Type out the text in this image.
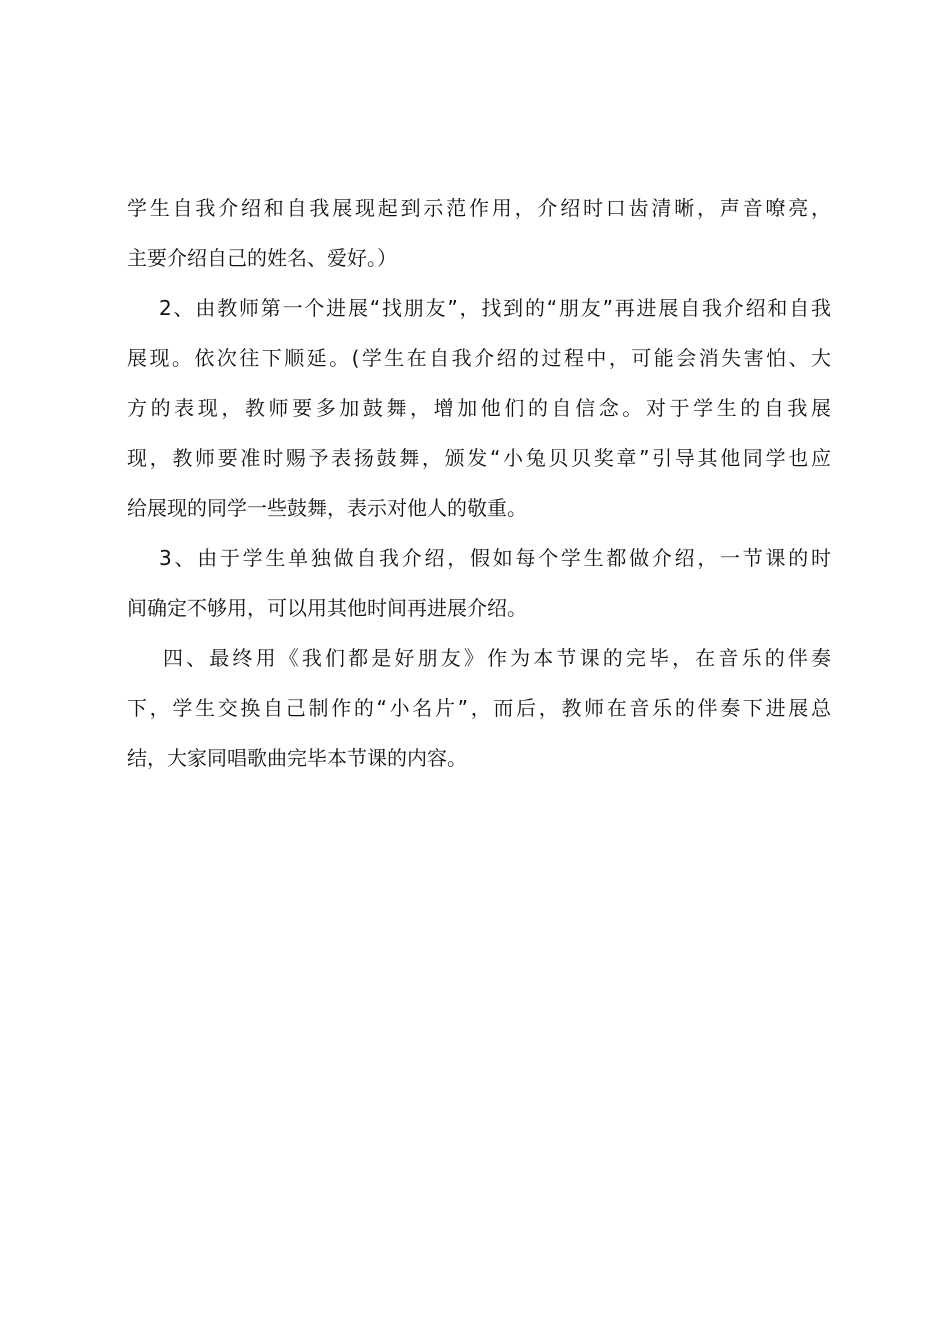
学生自我介绍和自我展现起到示范作用，介绍时口齿清晰，声音嘹亮，
主要介绍自己的姓名、爱好。）
2、由教师第一个进展“找朋友”，找到的“朋友”再进展自我介绍和自我
展现。依次往下顺延。(学生在自我介绍的过程中，可能会消失害怕、大
方的表现，教师要多加鼓舞，增加他们的自信念。对于学生的自我展
现，教师要准时赐予表扬鼓舞，颁发“小兔贝贝奖章”引导其他同学也应
给展现的同学一些鼓舞，表示对他人的敬重。
3、由于学生单独做自我介绍，假如每个学生都做介绍，一节课的时
间确定不够用，可以用其他时间再进展介绍。
四、最终用《我们都是好朋友》作为本节课的完毕，在音乐的伴奏
下，学生交换自己制作的“小名片”，而后，教师在音乐的伴奏下进展总
结，大家同唱歌曲完毕本节课的内容。
